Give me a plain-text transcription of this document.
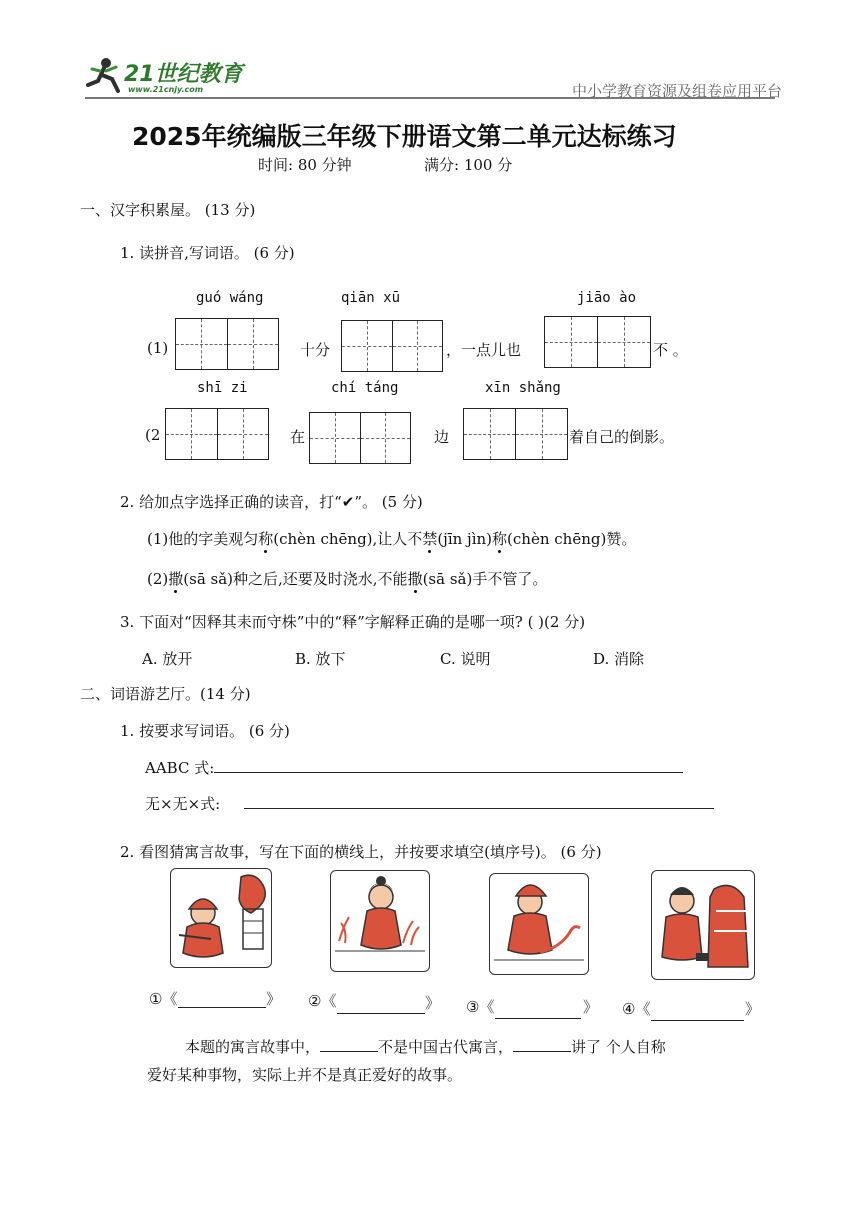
21世纪教育
www.21cnjy.com	中小学教育资源及组卷应用平台
2025年统编版三年级下册语文第二单元达标练习
时间: 80 分钟	满分: 100 分
一、汉字积累屋。 (13 分)
1. 读拼音,写词语。 (6 分)
guó wáng	qiān xū	jiāo ào
(1)	十分	，一点儿也	不 。
shī zi	chí táng	xīn shǎng
(2	在	边	着自己的倒影。
2. 给加点字选择正确的读音，打“✔”。 (5 分)
(1)他的字美观匀称(chèn chēng),让人不禁(jīn jìn)称(chèn chēng)赞。
(2)撒(sā sǎ)种之后,还要及时浇水,不能撒(sā sǎ)手不管了。
3. 下面对“因释其耒而守株”中的“释”字解释正确的是哪一项? ( )(2 分)
A. 放开	B. 放下	C. 说明	D. 消除
二、词语游艺厅。(14 分)
1. 按要求写词语。 (6 分)
AABC 式:
无×无×式:
2. 看图猜寓言故事，写在下面的横线上，并按要求填空(填序号)。 (6 分)
①《	》 ②《	》 ③《	》 ④《	》
本题的寓言故事中，	不是中国古代寓言，	讲了 个人自称
爱好某种事物，实际上并不是真正爱好的故事。
